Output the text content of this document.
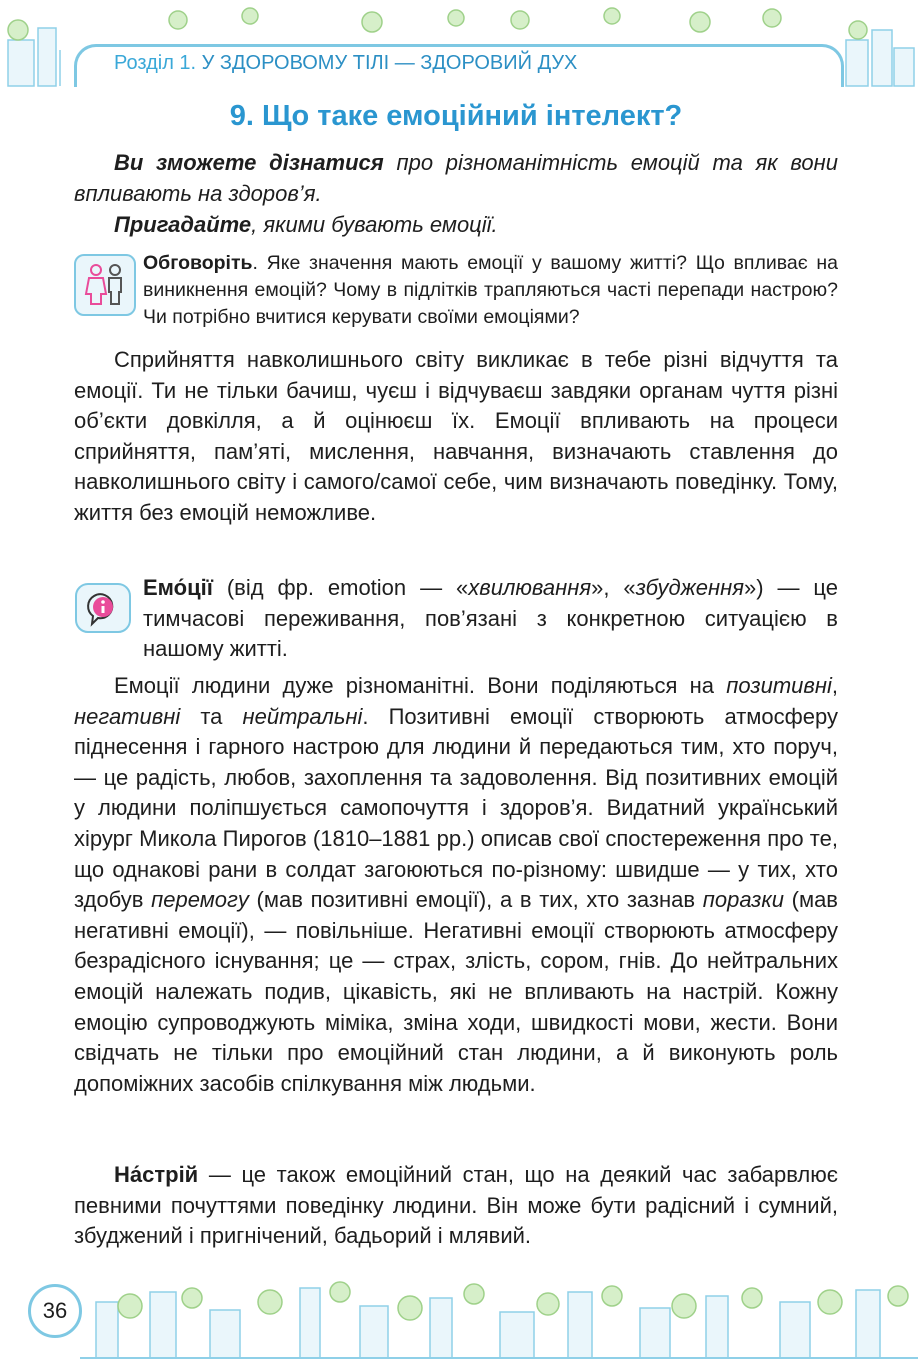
Розділ 1. У ЗДОРОВОМУ ТІЛІ — ЗДОРОВИЙ ДУХ
9. Що таке емоційний інтелект?

Ви зможете дізнатися про різноманітність емоцій та як вони впливають на здоров’я.

Пригадайте, якими бувають емоції.

Обговоріть. Яке значення мають емоції у вашому житті? Що впливає на виникнення емоцій? Чому в підлітків трапляються часті перепади настрою? Чи потрібно вчитися керувати своїми емоціями?

Сприйняття навколишнього світу викликає в тебе різні відчуття та емоції. Ти не тільки бачиш, чуєш і відчуваєш завдяки органам чуття різні об’єкти довкілля, а й оцінюєш їх. Емоції впливають на процеси сприйняття, пам’яті, мислення, навчання, визначають ставлення до навколишнього світу і самого/самої себе, чим визначають поведінку. Тому, життя без емоцій неможливе.

Емо́ції (від фр. emotion — «хвилювання», «збудження») — це тимчасові переживання, пов’язані з конкретною ситуацією в нашому житті.

Емоції людини дуже різноманітні. Вони поділяються на позитивні, негативні та нейтральні. Позитивні емоції створюють атмосферу піднесення і гарного настрою для людини й передаються тим, хто поруч, — це радість, любов, захоплення та задоволення. Від позитивних емоцій у людини поліпшується самопочуття і здоров’я. Видатний український хірург Микола Пирогов (1810–1881 рр.) описав свої спостереження про те, що однакові рани в солдат загоюються по-різному: швидше — у тих, хто здобув перемогу (мав позитивні емоції), а в тих, хто зазнав поразки (мав негативні емоції), — повільніше. Негативні емоції створюють атмосферу безрадісного існування; це — страх, злість, сором, гнів. До нейтральних емоцій належать подив, цікавість, які не впливають на настрій. Кожну емоцію супроводжують міміка, зміна ходи, швидкості мови, жести. Вони свідчать не тільки про емоційний стан людини, а й виконують роль допоміжних засобів спілкування між людьми.

На́стрій — це також емоційний стан, що на деякий час забарвлює певними почуттями поведінку людини. Він може бути радісний і сумний, збуджений і пригнічений, бадьорий і млявий.

36
